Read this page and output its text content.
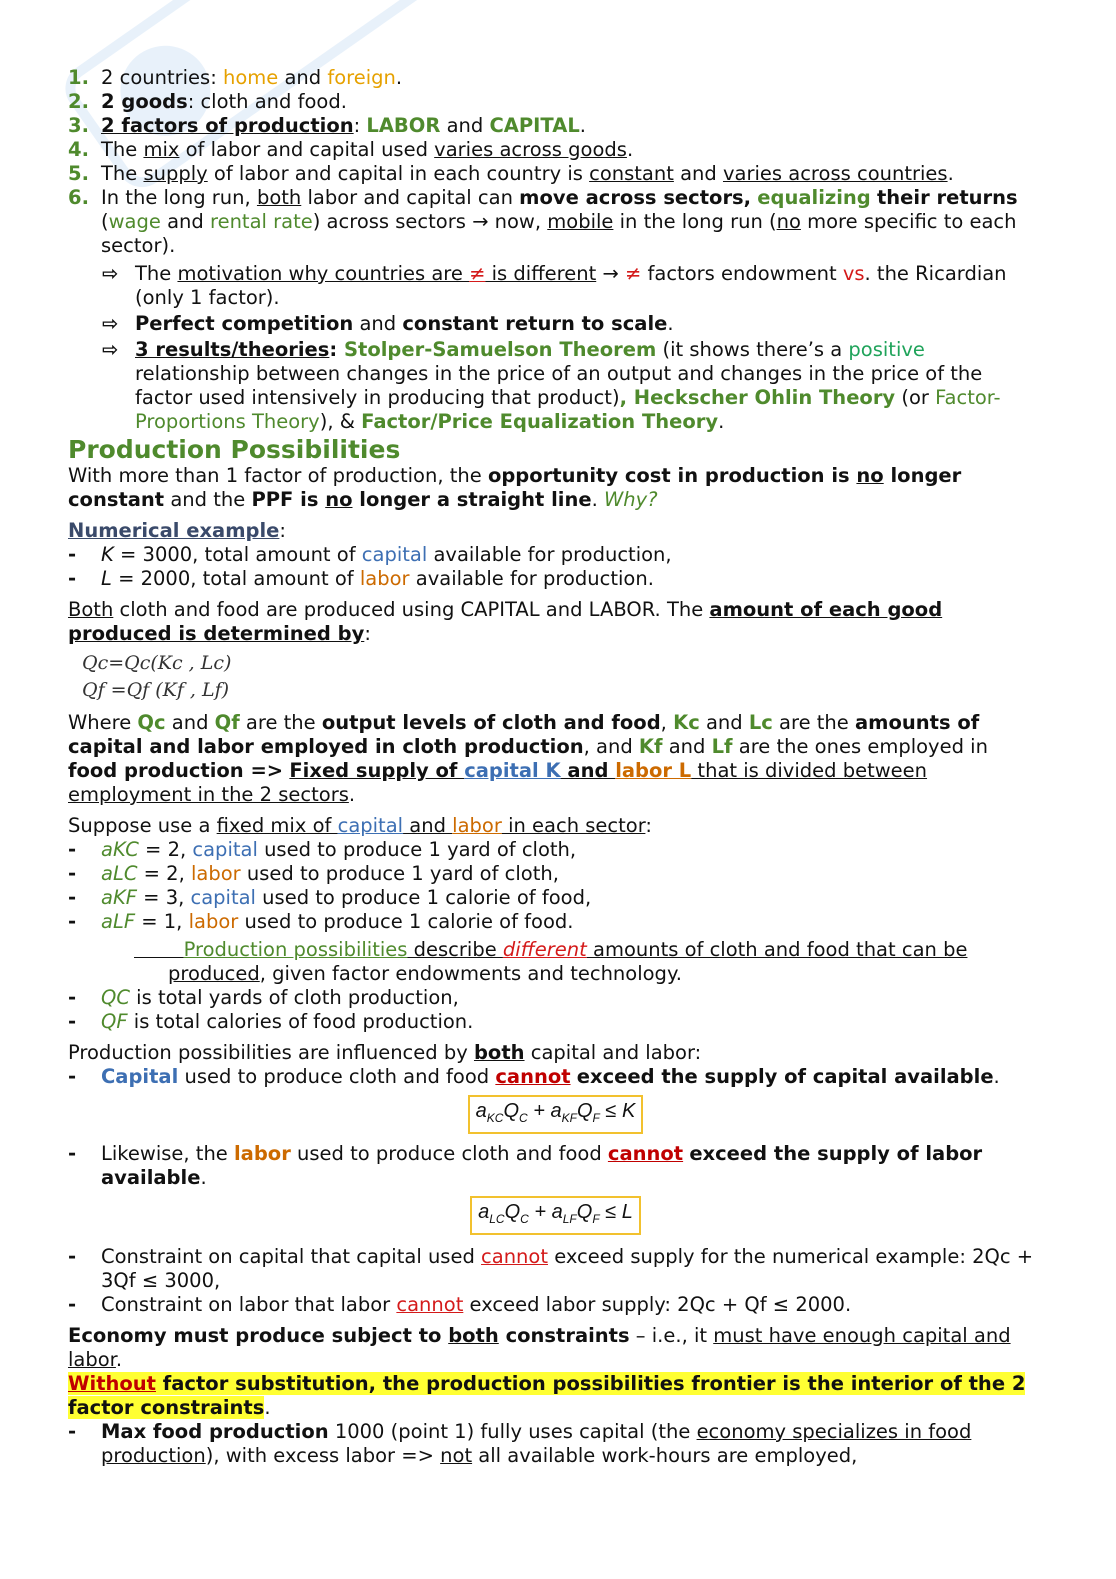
1. 2 countries: home and foreign.
2. 2 goods: cloth and food.
3. 2 factors of production: LABOR and CAPITAL.
4. The mix of labor and capital used varies across goods.
5. The supply of labor and capital in each country is constant and varies across countries.
6. In the long run, both labor and capital can move across sectors, equalizing their returns (wage and rental rate) across sectors → now, mobile in the long run (no more specific to each sector).
⇨ The motivation why countries are ≠ is different → ≠ factors endowment vs. the Ricardian (only 1 factor).
⇨ Perfect competition and constant return to scale.
⇨ 3 results/theories: Stolper-Samuelson Theorem (it shows there’s a positive relationship between changes in the price of an output and changes in the price of the factor used intensively in producing that product), Heckscher Ohlin Theory (or Factor-Proportions Theory), & Factor/Price Equalization Theory.
Production Possibilities

With more than 1 factor of production, the opportunity cost in production is no longer constant and the PPF is no longer a straight line. Why?

Numerical example:

- K = 3000, total amount of capital available for production,
- L = 2000, total amount of labor available for production.

Both cloth and food are produced using CAPITAL and LABOR. The amount of each good produced is determined by:

Qc=Qc(Kc , Lc)
Qf =Qf (Kf , Lf)

Where Qc and Qf are the output levels of cloth and food, Kc and Lc are the amounts of capital and labor employed in cloth production, and Kf and Lf are the ones employed in food production => Fixed supply of capital K and labor L that is divided between employment in the 2 sectors.

Suppose use a fixed mix of capital and labor in each sector:

- aKC = 2, capital used to produce 1 yard of cloth,
- aLC = 2, labor used to produce 1 yard of cloth,
- aKF = 3, capital used to produce 1 calorie of food,
- aLF = 1, labor used to produce 1 calorie of food.

Production possibilities describe different amounts of cloth and food that can be produced, given factor endowments and technology.

- QC is total yards of cloth production,
- QF is total calories of food production.

Production possibilities are influenced by both capital and labor:

- Capital used to produce cloth and food cannot exceed the supply of capital available.
$a_{KC}Q_C + a_{KF}Q_F \le K$
- Likewise, the labor used to produce cloth and food cannot exceed the supply of labor available.
$a_{LC}Q_C + a_{LF}Q_F \le L$
- Constraint on capital that capital used cannot exceed supply for the numerical example: 2Qc + 3Qf ≤ 3000,
- Constraint on labor that labor cannot exceed labor supply: 2Qc + Qf ≤ 2000.

Economy must produce subject to both constraints – i.e., it must have enough capital and labor.

Without factor substitution, the production possibilities frontier is the interior of the 2 factor constraints.

- Max food production 1000 (point 1) fully uses capital (the economy specializes in food production), with excess labor => not all available work-hours are employed,
